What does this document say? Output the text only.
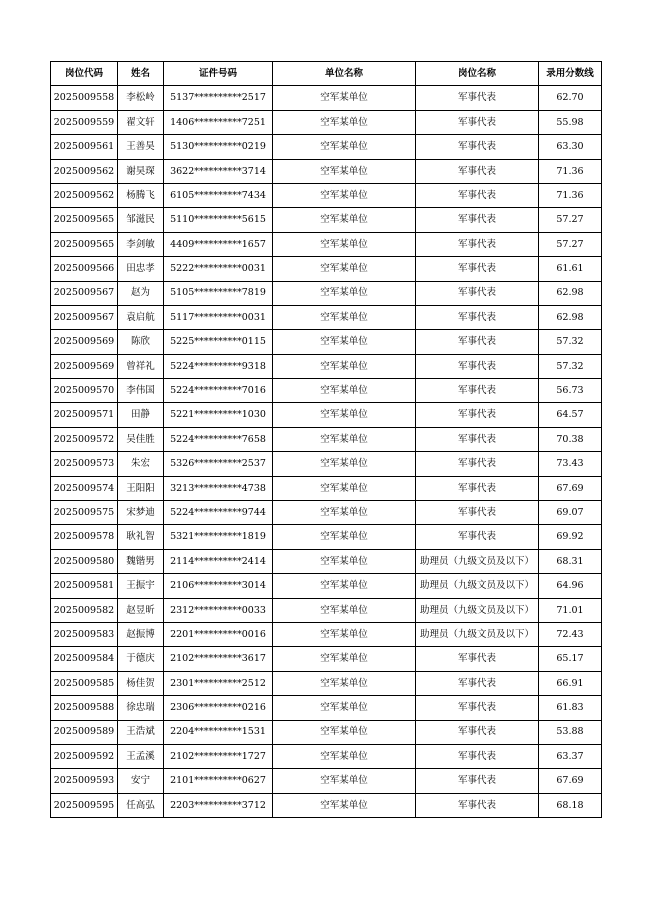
岗位代码	姓名	证件号码	单位名称	岗位名称	录用分数线
2025009558	李松岭	5137**********2517	空军某单位	军事代表	62.70
2025009559	翟文轩	1406**********7251	空军某单位	军事代表	55.98
2025009561	王善昊	5130**********0219	空军某单位	军事代表	63.30
2025009562	谢昊琛	3622**********3714	空军某单位	军事代表	71.36
2025009562	杨腾飞	6105**********7434	空军某单位	军事代表	71.36
2025009565	邹滋民	5110**********5615	空军某单位	军事代表	57.27
2025009565	李剑敏	4409**********1657	空军某单位	军事代表	57.27
2025009566	田忠孝	5222**********0031	空军某单位	军事代表	61.61
2025009567	赵为	5105**********7819	空军某单位	军事代表	62.98
2025009567	袁启航	5117**********0031	空军某单位	军事代表	62.98
2025009569	陈欣	5225**********0115	空军某单位	军事代表	57.32
2025009569	曾祥礼	5224**********9318	空军某单位	军事代表	57.32
2025009570	李伟国	5224**********7016	空军某单位	军事代表	56.73
2025009571	田静	5221**********1030	空军某单位	军事代表	64.57
2025009572	吴佳胜	5224**********7658	空军某单位	军事代表	70.38
2025009573	朱宏	5326**********2537	空军某单位	军事代表	73.43
2025009574	王阳阳	3213**********4738	空军某单位	军事代表	67.69
2025009575	宋梦迪	5224**********9744	空军某单位	军事代表	69.07
2025009578	耿礼智	5321**********1819	空军某单位	军事代表	69.92
2025009580	魏锴男	2114**********2414	空军某单位	助理员（九级文员及以下）	68.31
2025009581	王振宇	2106**********3014	空军某单位	助理员（九级文员及以下）	64.96
2025009582	赵昱昕	2312**********0033	空军某单位	助理员（九级文员及以下）	71.01
2025009583	赵振博	2201**********0016	空军某单位	助理员（九级文员及以下）	72.43
2025009584	于德庆	2102**********3617	空军某单位	军事代表	65.17
2025009585	杨佳贺	2301**********2512	空军某单位	军事代表	66.91
2025009588	徐忠瑞	2306**********0216	空军某单位	军事代表	61.83
2025009589	王浩斌	2204**********1531	空军某单位	军事代表	53.88
2025009592	王孟溪	2102**********1727	空军某单位	军事代表	63.37
2025009593	安宁	2101**********0627	空军某单位	军事代表	67.69
2025009595	任高弘	2203**********3712	空军某单位	军事代表	68.18
